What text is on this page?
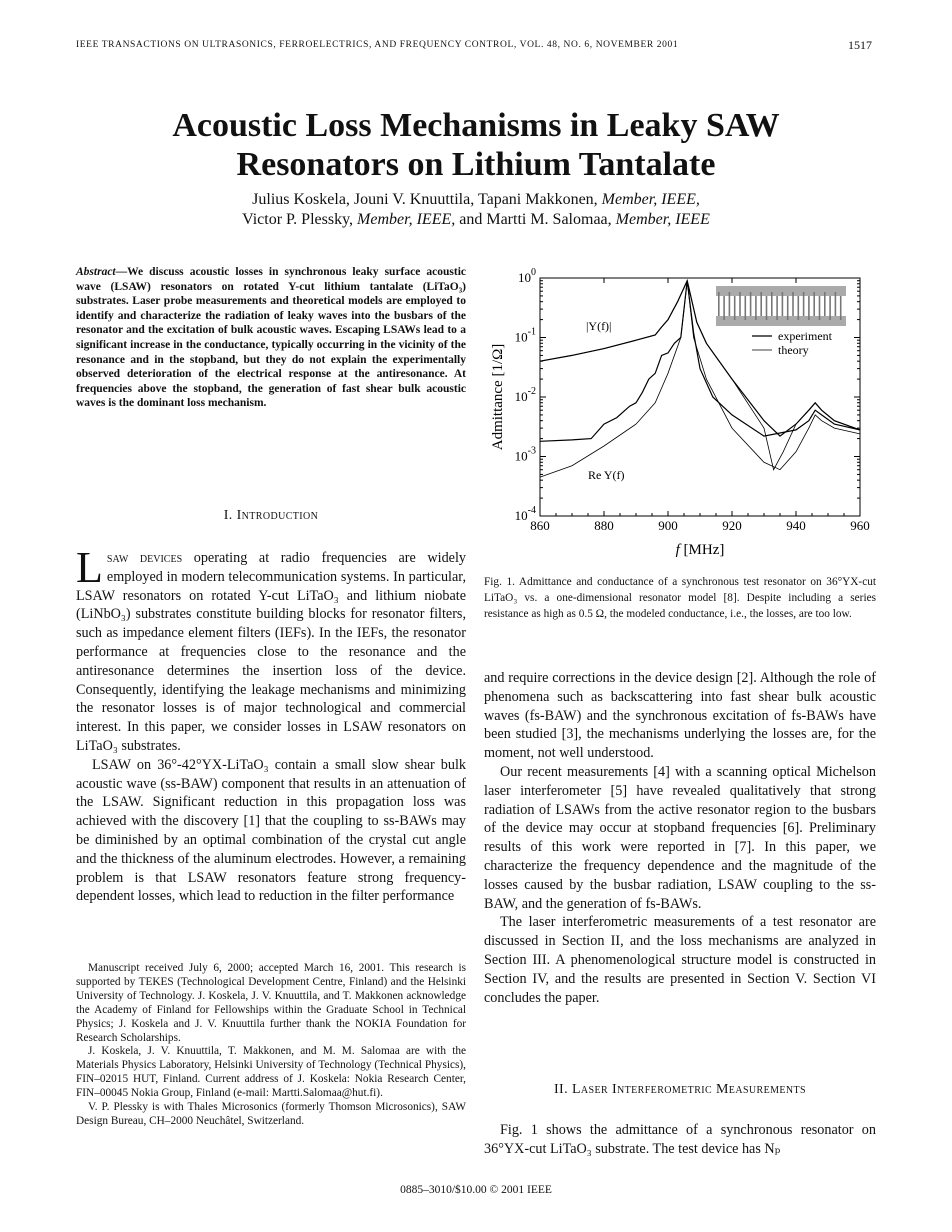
IEEE TRANSACTIONS ON ULTRASONICS, FERROELECTRICS, AND FREQUENCY CONTROL, VOL. 48, NO. 6, NOVEMBER 2001	1517
Acoustic Loss Mechanisms in Leaky SAW
Resonators on Lithium Tantalate
Julius Koskela, Jouni V. Knuuttila, Tapani Makkonen, Member, IEEE,
Victor P. Plessky, Member, IEEE, and Martti M. Salomaa, Member, IEEE
Abstract—We discuss acoustic losses in synchronous leaky surface acoustic wave (LSAW) resonators on rotated Y-cut lithium tantalate (LiTaO₃) substrates. Laser probe measurements and theoretical models are employed to identify and characterize the radiation of leaky waves into the busbars of the resonator and the excitation of bulk acoustic waves. Escaping LSAWs lead to a significant increase in the conductance, typically occurring in the vicinity of the resonance and in the stopband, but they do not explain the experimentally observed deterioration of the electrical response at the antiresonance. At frequencies above the stopband, the generation of fast shear bulk acoustic waves is the dominant loss mechanism.
I. Introduction

Lsaw devices operating at radio frequencies are widely employed in modern telecommunication systems. In particular, LSAW resonators on rotated Y-cut LiTaO₃ and lithium niobate (LiNbO₃) substrates constitute building blocks for resonator filters, such as impedance element filters (IEFs). In the IEFs, the resonator performance at frequencies close to the resonance and the antiresonance determines the insertion loss of the device. Consequently, identifying the leakage mechanisms and minimizing the resonator losses is of major technological and commercial interest. In this paper, we consider losses in LSAW resonators on LiTaO₃ substrates.

LSAW on 36°-42°YX-LiTaO₃ contain a small slow shear bulk acoustic wave (ss-BAW) component that results in an attenuation of the LSAW. Significant reduction in this propagation loss was achieved with the discovery [1] that the coupling to ss-BAWs may be diminished by an optimal combination of the crystal cut angle and the thickness of the aluminum electrodes. However, a remaining problem is that LSAW resonators feature strong frequency-dependent losses, which lead to reduction in the filter performance

Manuscript received July 6, 2000; accepted March 16, 2001. This research is supported by TEKES (Technological Development Centre, Finland) and the Helsinki University of Technology. J. Koskela, J. V. Knuuttila, and T. Makkonen acknowledge the Academy of Finland for Fellowships within the Graduate School in Technical Physics; J. Koskela and J. V. Knuuttila further thank the NOKIA Foundation for Research Scholarships.

J. Koskela, J. V. Knuuttila, T. Makkonen, and M. M. Salomaa are with the Materials Physics Laboratory, Helsinki University of Technology (Technical Physics), FIN–02015 HUT, Finland. Current address of J. Koskela: Nokia Research Center, FIN–00045 Nokia Group, Finland (e-mail: Martti.Salomaa@hut.fi).

V. P. Plessky is with Thales Microsonics (formerly Thomson Microsonics), SAW Design Bureau, CH–2000 Neuchâtel, Switzerland.

860	880	900	920	940	960
$10^0$
$10^{-1}$
$10^{-2}$
$10^{-3}$
$10^{-4}$
f [MHz]
Admittance [1/Ω]
|Y(f)|
Re Y(f)
experiment
theory
Fig. 1. Admittance and conductance of a synchronous test resonator on 36°YX-cut LiTaO₃ vs. a one-dimensional resonator model [8]. Despite including a series resistance as high as 0.5 Ω, the modeled conductance, i.e., the losses, are too low.

and require corrections in the device design [2]. Although the role of phenomena such as backscattering into fast shear bulk acoustic waves (fs-BAW) and the synchronous excitation of fs-BAWs have been studied [3], the mechanisms underlying the losses are, for the moment, not well understood.

Our recent measurements [4] with a scanning optical Michelson laser interferometer [5] have revealed qualitatively that strong radiation of LSAWs from the active resonator region to the busbars of the device may occur at stopband frequencies [6]. Preliminary results of this work were reported in [7]. In this paper, we characterize the frequency dependence and the magnitude of the losses caused by the busbar radiation, LSAW coupling to the ss-BAW, and the generation of fs-BAWs.

The laser interferometric measurements of a test resonator are discussed in Section II, and the loss mechanisms are analyzed in Section III. A phenomenological structure model is constructed in Section IV, and the results are presented in Section V. Section VI concludes the paper.

II. Laser Interferometric Measurements

Fig. 1 shows the admittance of a synchronous resonator on 36°YX-cut LiTaO₃ substrate. The test device has Nₚ

0885–3010/$10.00 © 2001 IEEE
